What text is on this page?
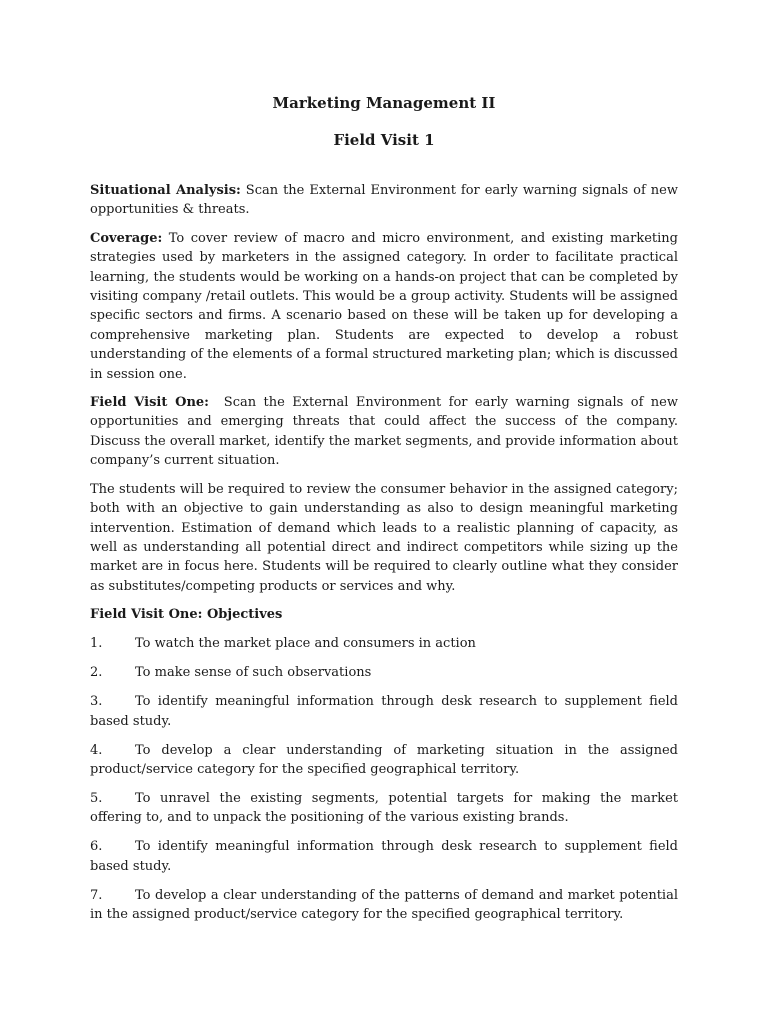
Marketing Management II
Field Visit 1

Situational Analysis: Scan the External Environment for early warning signals of new opportunities & threats.

Coverage: To cover review of macro and micro environment, and existing marketing strategies used by marketers in the assigned category. In order to facilitate practical learning, the students would be working on a hands-on project that can be completed by visiting company /retail outlets. This would be a group activity. Students will be assigned specific sectors and firms. A scenario based on these will be taken up for developing a comprehensive marketing plan. Students are expected to develop a robust understanding of the elements of a formal structured marketing plan; which is discussed in session one.

Field Visit One:  Scan the External Environment for early warning signals of new opportunities and emerging threats that could affect the success of the company. Discuss the overall market, identify the market segments, and provide information about company’s current situation.

The students will be required to review the consumer behavior in the assigned category; both with an objective to gain understanding as also to design meaningful marketing intervention. Estimation of demand which leads to a realistic planning of capacity, as well as understanding all potential direct and indirect competitors while sizing up the market are in focus here. Students will be required to clearly outline what they consider as substitutes/competing products or services and why.

Field Visit One: Objectives

1.	To watch the market place and consumers in action
2.	To make sense of such observations
3.	To identify meaningful information through desk research to supplement field based study.
4.	To develop a clear understanding of marketing situation in the assigned product/service category for the specified geographical territory.
5.	To unravel the existing segments, potential targets for making the market offering to, and to unpack the positioning of the various existing brands.
6.	To identify meaningful information through desk research to supplement field based study.
7.	To develop a clear understanding of the patterns of demand and market potential in the assigned product/service category for the specified geographical territory.
